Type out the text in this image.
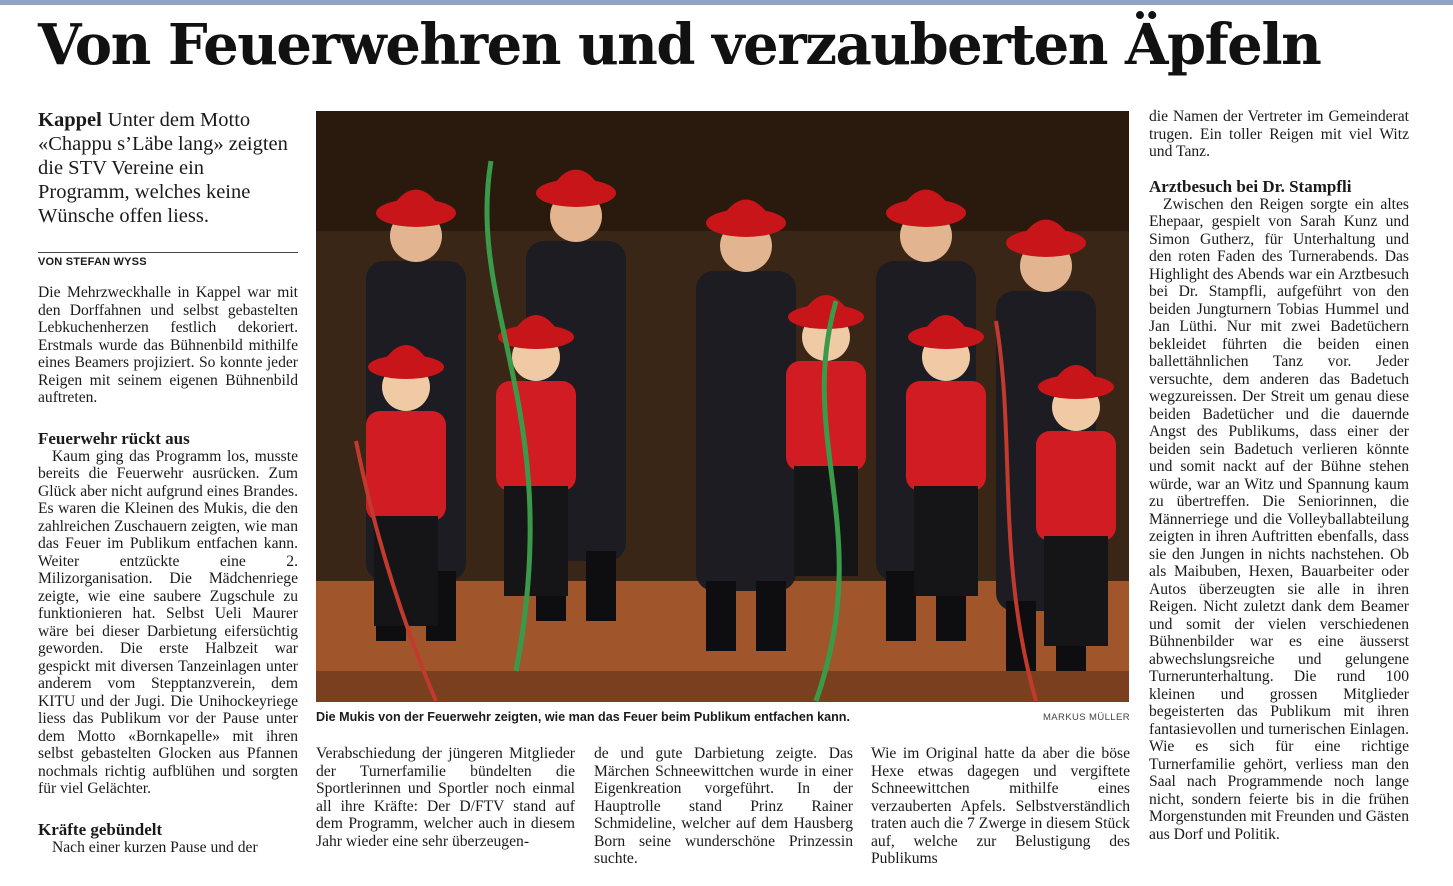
Von Feuerwehren und verzauberten Äpfeln
Kappel Unter dem Motto «Chappu s’Läbe lang» zeigten die STV Vereine ein Programm, welches keine Wünsche offen liess.
VON STEFAN WYSS

Die Mehrzweckhalle in Kappel war mit den Dorffahnen und selbst gebastelten Lebkuchenherzen festlich dekoriert. Erstmals wurde das Bühnenbild mithilfe eines Beamers projiziert. So konnte jeder Reigen mit seinem eigenen Bühnenbild auftreten.

Feuerwehr rückt aus

Kaum ging das Programm los, musste bereits die Feuerwehr ausrücken. Zum Glück aber nicht aufgrund eines Brandes. Es waren die Kleinen des Mukis, die den zahlreichen Zuschauern zeigten, wie man das Feuer im Publikum entfachen kann. Weiter entzückte eine 2. Milizorganisation. Die Mädchenriege zeigte, wie eine saubere Zugschule zu funktionieren hat. Selbst Ueli Maurer wäre bei dieser Darbietung eifersüchtig geworden. Die erste Halbzeit war gespickt mit diversen Tanzeinlagen unter anderem vom Stepptanzverein, dem KITU und der Jugi. Die Unihockeyriege liess das Publikum vor der Pause unter dem Motto «Bornkapelle» mit ihren selbst gebastelten Glocken aus Pfannen nochmals richtig aufblühen und sorgten für viel Gelächter.

Kräfte gebündelt

Nach einer kurzen Pause und der

Die Mukis von der Feuerwehr zeigten, wie man das Feuer beim Publikum entfachen kann.	MARKUS MÜLLER

Verabschiedung der jüngeren Mitglieder der Turnerfamilie bündelten die Sportlerinnen und Sportler noch einmal all ihre Kräfte: Der D/FTV stand auf dem Programm, welcher auch in diesem Jahr wieder eine sehr überzeugen-

de und gute Darbietung zeigte. Das Märchen Schneewittchen wurde in einer Eigenkreation vorgeführt. In der Hauptrolle stand Prinz Rainer Schmideline, welcher auf dem Hausberg Born seine wunderschöne Prinzessin suchte.

Wie im Original hatte da aber die böse Hexe etwas dagegen und vergiftete Schneewittchen mithilfe eines verzauberten Apfels. Selbstverständlich traten auch die 7 Zwerge in diesem Stück auf, welche zur Belustigung des Publikums

die Namen der Vertreter im Gemeinderat trugen. Ein toller Reigen mit viel Witz und Tanz.

Arztbesuch bei Dr. Stampfli

Zwischen den Reigen sorgte ein altes Ehepaar, gespielt von Sarah Kunz und Simon Gutherz, für Unterhaltung und den roten Faden des Turnerabends. Das Highlight des Abends war ein Arztbesuch bei Dr. Stampfli, aufgeführt von den beiden Jungturnern Tobias Hummel und Jan Lüthi. Nur mit zwei Badetüchern bekleidet führten die beiden einen ballettähnlichen Tanz vor. Jeder versuchte, dem anderen das Badetuch wegzureissen. Der Streit um genau diese beiden Badetücher und die dauernde Angst des Publikums, dass einer der beiden sein Badetuch verlieren könnte und somit nackt auf der Bühne stehen würde, war an Witz und Spannung kaum zu übertreffen. Die Seniorinnen, die Männerriege und die Volleyballabteilung zeigten in ihren Auftritten ebenfalls, dass sie den Jungen in nichts nachstehen. Ob als Maibuben, Hexen, Bauarbeiter oder Autos überzeugten sie alle in ihren Reigen. Nicht zuletzt dank dem Beamer und somit der vielen verschiedenen Bühnenbilder war es eine äusserst abwechslungsreiche und gelungene Turnerunterhaltung. Die rund 100 kleinen und grossen Mitglieder begeisterten das Publikum mit ihren fantasievollen und turnerischen Einlagen. Wie es sich für eine richtige Turnerfamilie gehört, verliess man den Saal nach Programmende noch lange nicht, sondern feierte bis in die frühen Morgenstunden mit Freunden und Gästen aus Dorf und Politik.
